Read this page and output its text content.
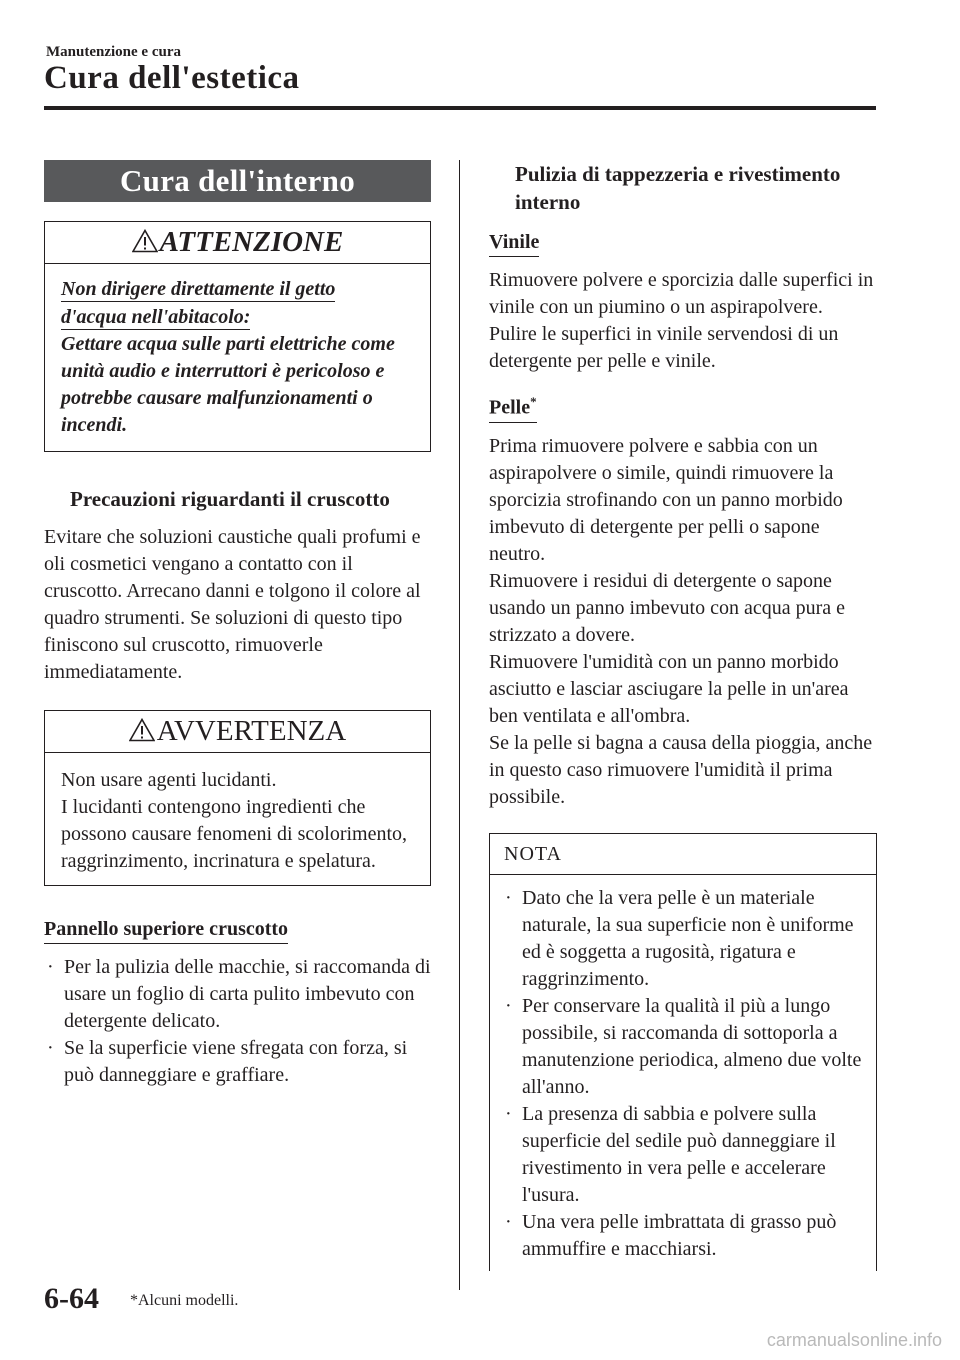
Manutenzione e cura
Cura dell'estetica
Cura dell'interno
ATTENZIONE
Non dirigere direttamente il getto
d'acqua nell'abitacolo:
Gettare acqua sulle parti elettriche come unità audio e interruttori è pericoloso e potrebbe causare malfunzionamenti o incendi.
Precauzioni riguardanti il cruscotto
Evitare che soluzioni caustiche quali profumi e oli cosmetici vengano a contatto con il cruscotto. Arrecano danni e tolgono il colore al quadro strumenti. Se soluzioni di questo tipo finiscono sul cruscotto, rimuoverle immediatamente.
AVVERTENZA
Non usare agenti lucidanti.
I lucidanti contengono ingredienti che possono causare fenomeni di scolorimento, raggrinzimento, incrinatura e spelatura.
Pannello superiore cruscotto
· Per la pulizia delle macchie, si raccomanda di usare un foglio di carta pulito imbevuto con detergente delicato.
· Se la superficie viene sfregata con forza, si può danneggiare e graffiare.
Pulizia di tappezzeria e rivestimento interno
Vinile
Rimuovere polvere e sporcizia dalle superfici in vinile con un piumino o un aspirapolvere.
Pulire le superfici in vinile servendosi di un detergente per pelle e vinile.
Pelle*
Prima rimuovere polvere e sabbia con un aspirapolvere o simile, quindi rimuovere la sporcizia strofinando con un panno morbido imbevuto di detergente per pelli o sapone neutro.
Rimuovere i residui di detergente o sapone usando un panno imbevuto con acqua pura e strizzato a dovere.
Rimuovere l'umidità con un panno morbido asciutto e lasciar asciugare la pelle in un'area ben ventilata e all'ombra.
Se la pelle si bagna a causa della pioggia, anche in questo caso rimuovere l'umidità il prima possibile.
NOTA
· Dato che la vera pelle è un materiale naturale, la sua superficie non è uniforme ed è soggetta a rugosità, rigatura e raggrinzimento.
· Per conservare la qualità il più a lungo possibile, si raccomanda di sottoporla a manutenzione periodica, almeno due volte all'anno.
· La presenza di sabbia e polvere sulla superficie del sedile può danneggiare il rivestimento in vera pelle e accelerare l'usura.
· Una vera pelle imbrattata di grasso può ammuffire e macchiarsi.
6-64 *Alcuni modelli.
carmanualsonline.info
